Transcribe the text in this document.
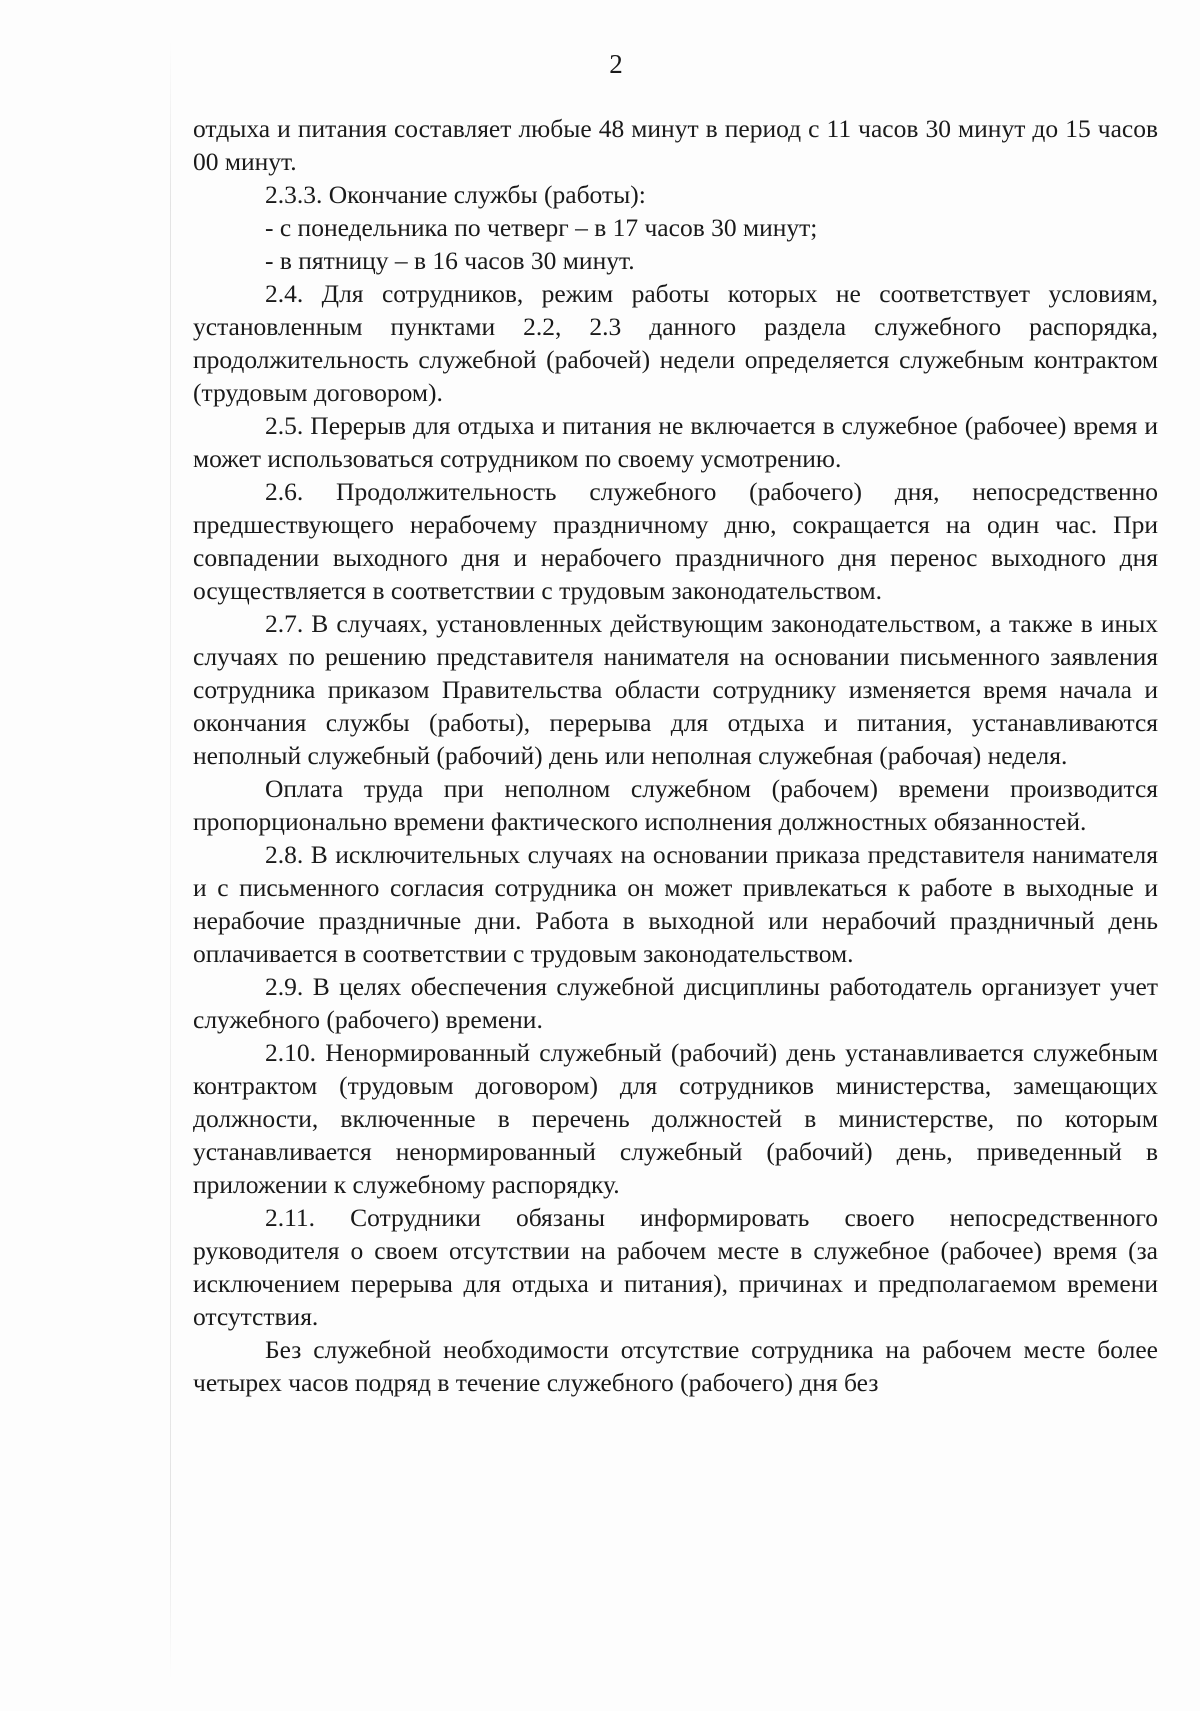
2

отдыха и питания составляет любые 48 минут в период с 11 часов 30 минут до 15 часов 00 минут.

2.3.3. Окончание службы (работы):

- с понедельника по четверг – в 17 часов 30 минут;

- в пятницу – в 16 часов 30 минут.

2.4. Для сотрудников, режим работы которых не соответствует условиям, установленным пунктами 2.2, 2.3 данного раздела служебного распорядка, продолжительность служебной (рабочей) недели определяется служебным контрактом (трудовым договором).

2.5. Перерыв для отдыха и питания не включается в служебное (рабочее) время и может использоваться сотрудником по своему усмотрению.

2.6. Продолжительность служебного (рабочего) дня, непосредственно предшествующего нерабочему праздничному дню, сокращается на один час. При совпадении выходного дня и нерабочего праздничного дня перенос выходного дня осуществляется в соответствии с трудовым законодательством.

2.7. В случаях, установленных действующим законодательством, а также в иных случаях по решению представителя нанимателя на основании письменного заявления сотрудника приказом Правительства области сотруднику изменяется время начала и окончания службы (работы), перерыва для отдыха и питания, устанавливаются неполный служебный (рабочий) день или неполная служебная (рабочая) неделя.

Оплата труда при неполном служебном (рабочем) времени производится пропорционально времени фактического исполнения должностных обязанностей.

2.8. В исключительных случаях на основании приказа представителя нанимателя и с письменного согласия сотрудника он может привлекаться к работе в выходные и нерабочие праздничные дни. Работа в выходной или нерабочий праздничный день оплачивается в соответствии с трудовым законодательством.

2.9. В целях обеспечения служебной дисциплины работодатель организует учет служебного (рабочего) времени.

2.10. Ненормированный служебный (рабочий) день устанавливается служебным контрактом (трудовым договором) для сотрудников министерства, замещающих должности, включенные в перечень должностей в министерстве, по которым устанавливается ненормированный служебный (рабочий) день, приведенный в приложении к служебному распорядку.

2.11. Сотрудники обязаны информировать своего непосредственного руководителя о своем отсутствии на рабочем месте в служебное (рабочее) время (за исключением перерыва для отдыха и питания), причинах и предполагаемом времени отсутствия.

Без служебной необходимости отсутствие сотрудника на рабочем месте более четырех часов подряд в течение служебного (рабочего) дня без
